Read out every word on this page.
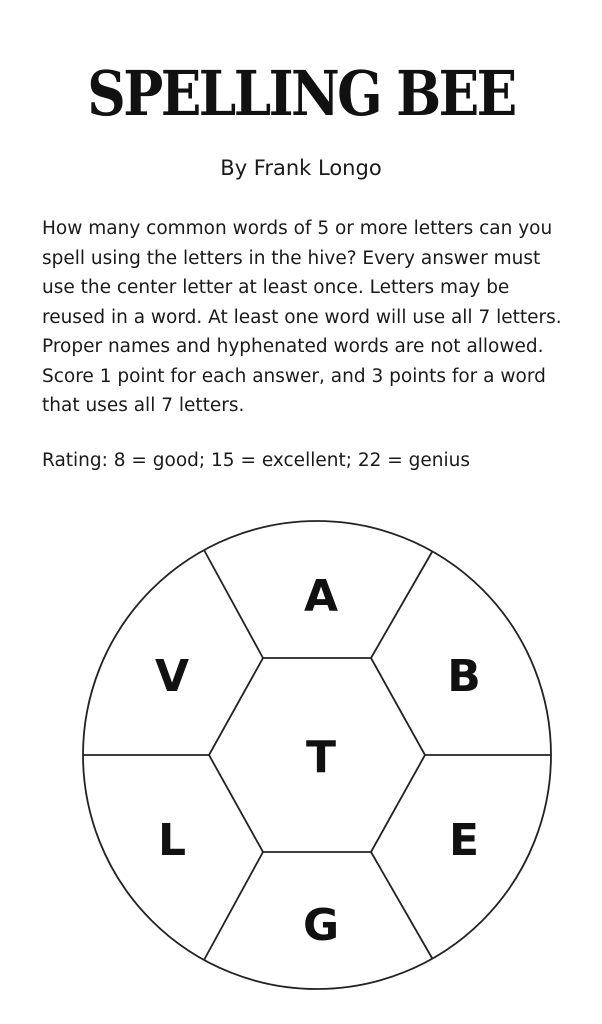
SPELLING BEE
By Frank Longo

How many common words of 5 or more letters can you spell using the letters in the hive? Every answer must use the center letter at least once. Letters may be reused in a word. At least one word will use all 7 letters. Proper names and hyphenated words are not allowed. Score 1 point for each answer, and 3 points for a word that uses all 7 letters.

Rating: 8 = good; 15 = excellent; 22 = genius

A
B
E
G
L
V
T
